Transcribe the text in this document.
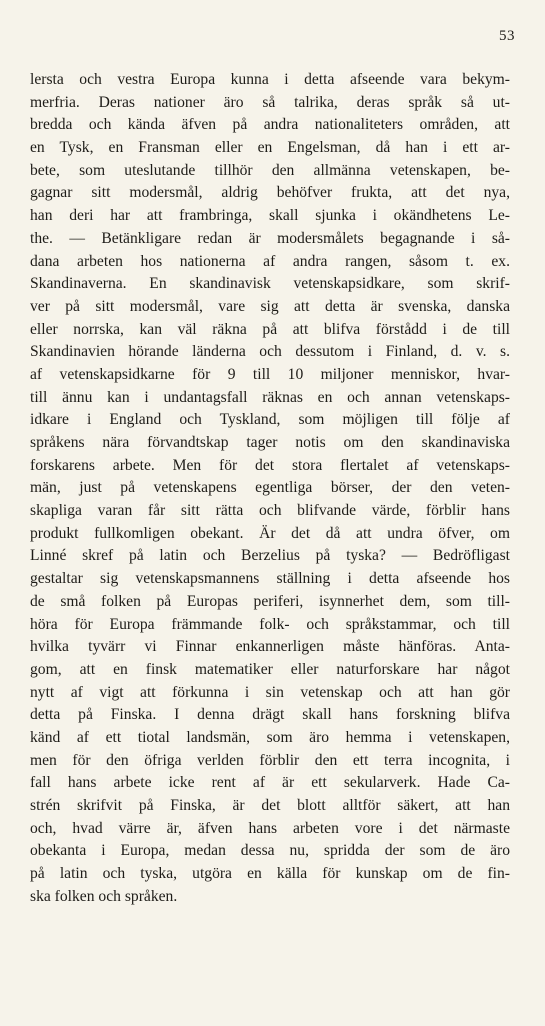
53
lersta och vestra Europa kunna i detta afseende vara bekym-
merfria. Deras nationer äro så talrika, deras språk så ut-
bredda och kända äfven på andra nationaliteters områden, att
en Tysk, en Fransman eller en Engelsman, då han i ett ar-
bete, som uteslutande tillhör den allmänna vetenskapen, be-
gagnar sitt modersmål, aldrig behöfver frukta, att det nya,
han deri har att frambringa, skall sjunka i okändhetens Le-
the. — Betänkligare redan är modersmålets begagnande i så-
dana arbeten hos nationerna af andra rangen, såsom t. ex.
Skandinaverna. En skandinavisk vetenskapsidkare, som skrif-
ver på sitt modersmål, vare sig att detta är svenska, danska
eller norrska, kan väl räkna på att blifva förstådd i de till
Skandinavien hörande länderna och dessutom i Finland, d. v. s.
af vetenskapsidkarne för 9 till 10 miljoner menniskor, hvar-
till ännu kan i undantagsfall räknas en och annan vetenskaps-
idkare i England och Tyskland, som möjligen till följe af
språkens nära förvandtskap tager notis om den skandinaviska
forskarens arbete. Men för det stora flertalet af vetenskaps-
män, just på vetenskapens egentliga börser, der den veten-
skapliga varan får sitt rätta och blifvande värde, förblir hans
produkt fullkomligen obekant. Är det då att undra öfver, om
Linné skref på latin och Berzelius på tyska? — Bedröfligast
gestaltar sig vetenskapsmannens ställning i detta afseende hos
de små folken på Europas periferi, isynnerhet dem, som till-
höra för Europa främmande folk- och språkstammar, och till
hvilka tyvärr vi Finnar enkannerligen måste hänföras. Anta-
gom, att en finsk matematiker eller naturforskare har något
nytt af vigt att förkunna i sin vetenskap och att han gör
detta på Finska. I denna drägt skall hans forskning blifva
känd af ett tiotal landsmän, som äro hemma i vetenskapen,
men för den öfriga verlden förblir den ett terra incognita, i
fall hans arbete icke rent af är ett sekularverk. Hade Ca-
strén skrifvit på Finska, är det blott alltför säkert, att han
och, hvad värre är, äfven hans arbeten vore i det närmaste
obekanta i Europa, medan dessa nu, spridda der som de äro
på latin och tyska, utgöra en källa för kunskap om de fin-
ska folken och språken.
